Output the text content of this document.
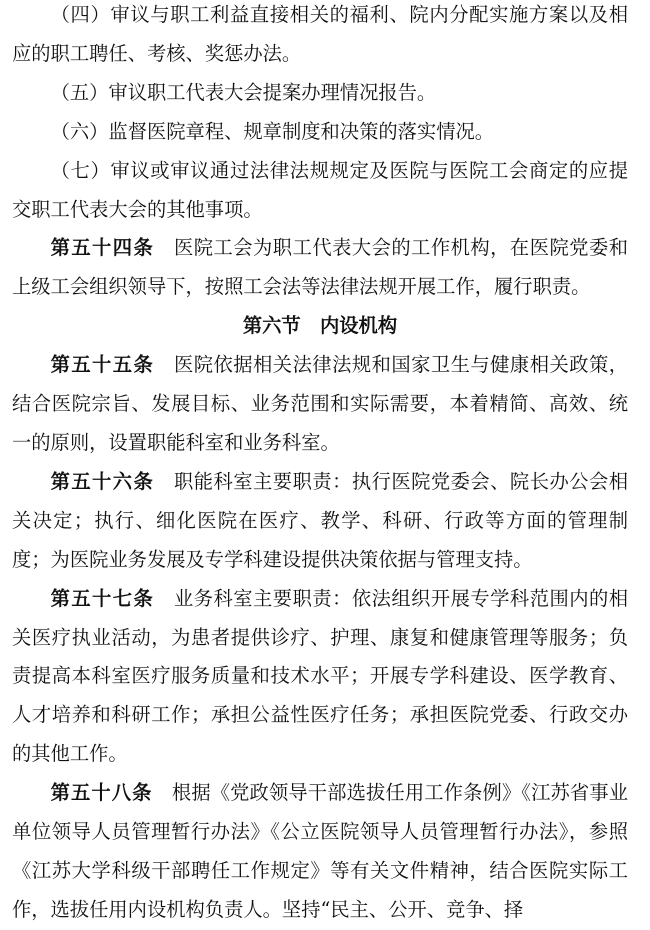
（四）审议与职工利益直接相关的福利、院内分配实施方案以及相应的职工聘任、考核、奖惩办法。

（五）审议职工代表大会提案办理情况报告。

（六）监督医院章程、规章制度和决策的落实情况。

（七）审议或审议通过法律法规规定及医院与医院工会商定的应提交职工代表大会的其他事项。

第五十四条　 医院工会为职工代表大会的工作机构，在医院党委和上级工会组织领导下，按照工会法等法律法规开展工作，履行职责。

第六节　内设机构

第五十五条　 医院依据相关法律法规和国家卫生与健康相关政策，结合医院宗旨、发展目标、业务范围和实际需要，本着精简、高效、统一的原则，设置职能科室和业务科室。

第五十六条　 职能科室主要职责：执行医院党委会、院长办公会相关决定；执行、细化医院在医疗、教学、科研、行政等方面的管理制度；为医院业务发展及专学科建设提供决策依据与管理支持。

第五十七条　 业务科室主要职责：依法组织开展专学科范围内的相关医疗执业活动，为患者提供诊疗、护理、康复和健康管理等服务；负责提高本科室医疗服务质量和技术水平；开展专学科建设、医学教育、人才培养和科研工作；承担公益性医疗任务；承担医院党委、行政交办的其他工作。

第五十八条　 根据《党政领导干部选拔任用工作条例》《江苏省事业单位领导人员管理暂行办法》《公立医院领导人员管理暂行办法》，参照《江苏大学科级干部聘任工作规定》等有关文件精神，结合医院实际工作，选拔任用内设机构负责人。坚持“民主、公开、竞争、择
